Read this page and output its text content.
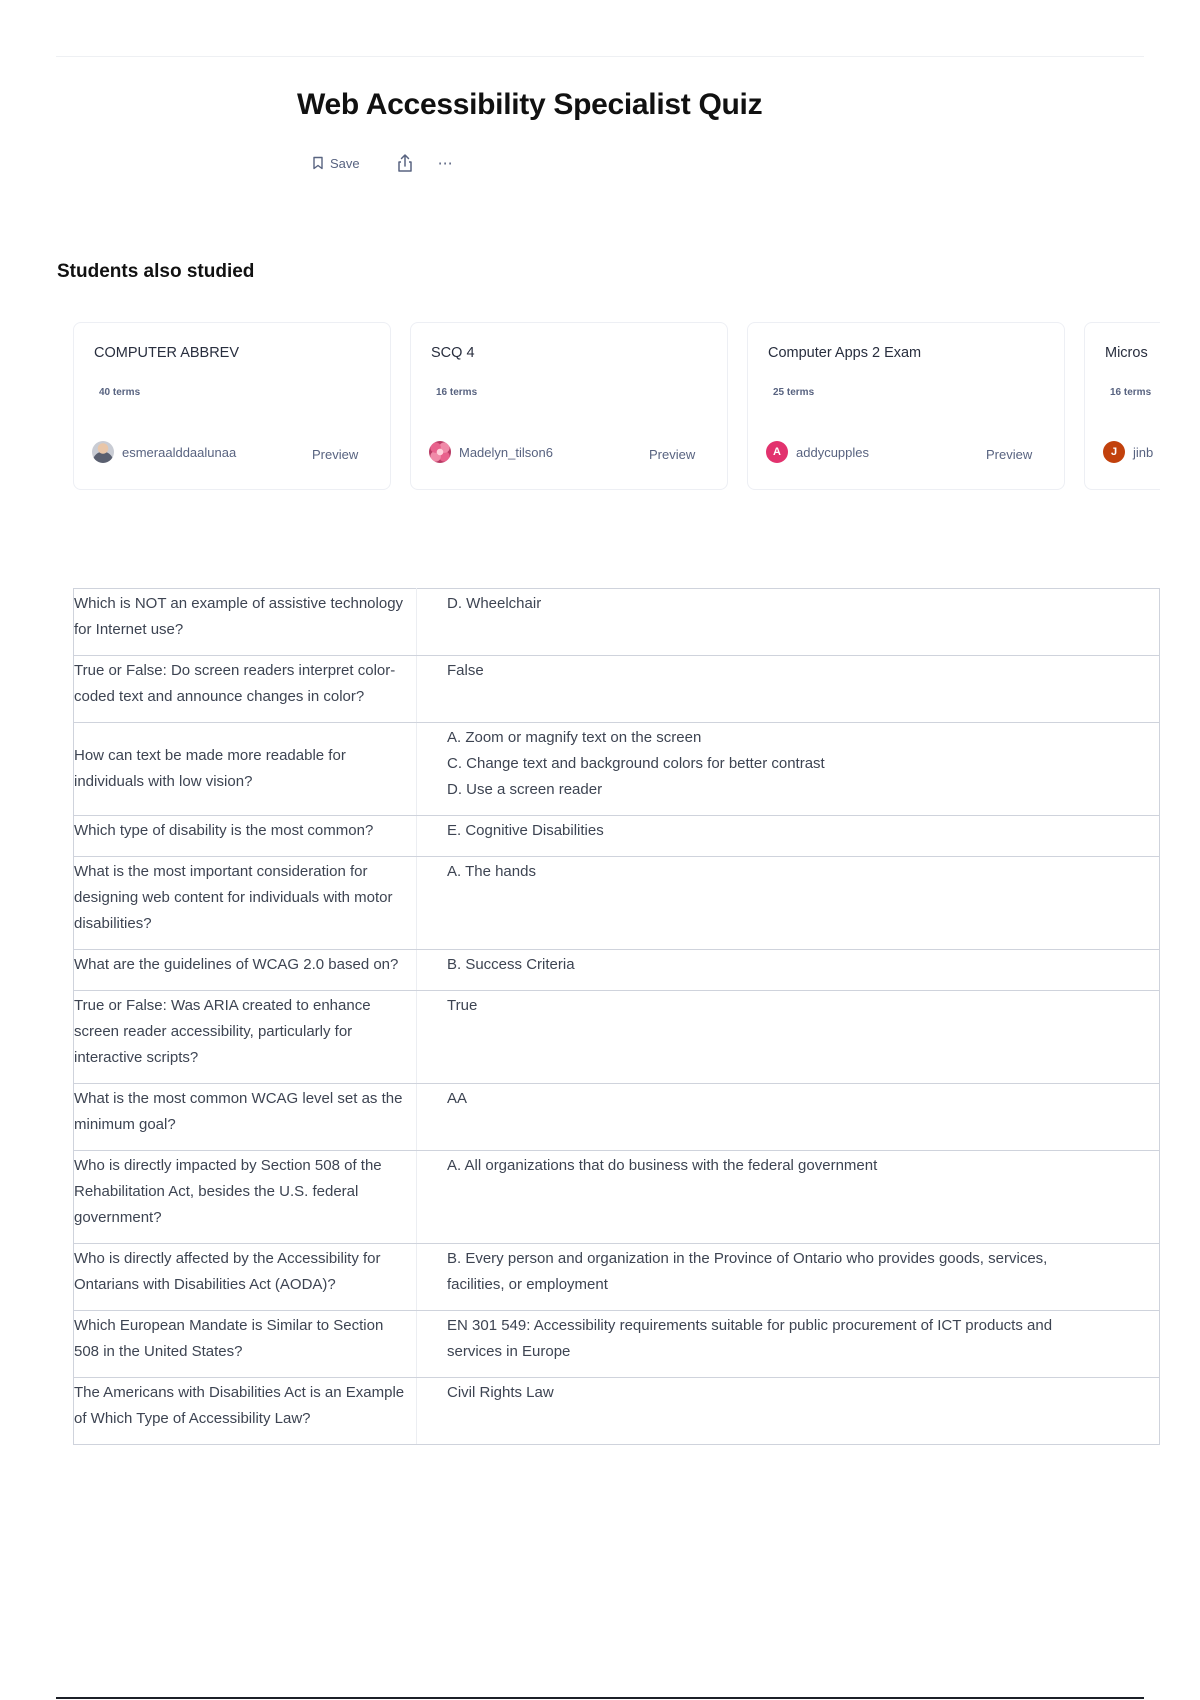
Web Accessibility Specialist Quiz
Save	⋯
Students also studied
COMPUTER ABBREV
40 terms
esmeraalddaalunaa	Preview
SCQ 4
16 terms
Madelyn_tilson6	Preview
Computer Apps 2 Exam
25 terms
A	addycupples	Preview
Micros
16 terms
J	jinb
Which is NOT an example of assistive technology for Internet use?	D. Wheelchair

True or False: Do screen readers interpret color-coded text and announce changes in color?	False

How can text be made more readable for individuals with low vision?	A. Zoom or magnify text on the screen
C. Change text and background colors for better contrast
D. Use a screen reader

Which type of disability is the most common?	E. Cognitive Disabilities

What is the most important consideration for designing web content for individuals with motor disabilities?	A. The hands

What are the guidelines of WCAG 2.0 based on?	B. Success Criteria

True or False: Was ARIA created to enhance screen reader accessibility, particularly for interactive scripts?	True

What is the most common WCAG level set as the minimum goal?	AA

Who is directly impacted by Section 508 of the Rehabilitation Act, besides the U.S. federal government?	A. All organizations that do business with the federal government

Who is directly affected by the Accessibility for Ontarians with Disabilities Act (AODA)?	B. Every person and organization in the Province of Ontario who provides goods, services, facilities, or employment

Which European Mandate is Similar to Section 508 in the United States?	EN 301 549: Accessibility requirements suitable for public procurement of ICT products and services in Europe

The Americans with Disabilities Act is an Example of Which Type of Accessibility Law?	Civil Rights Law
